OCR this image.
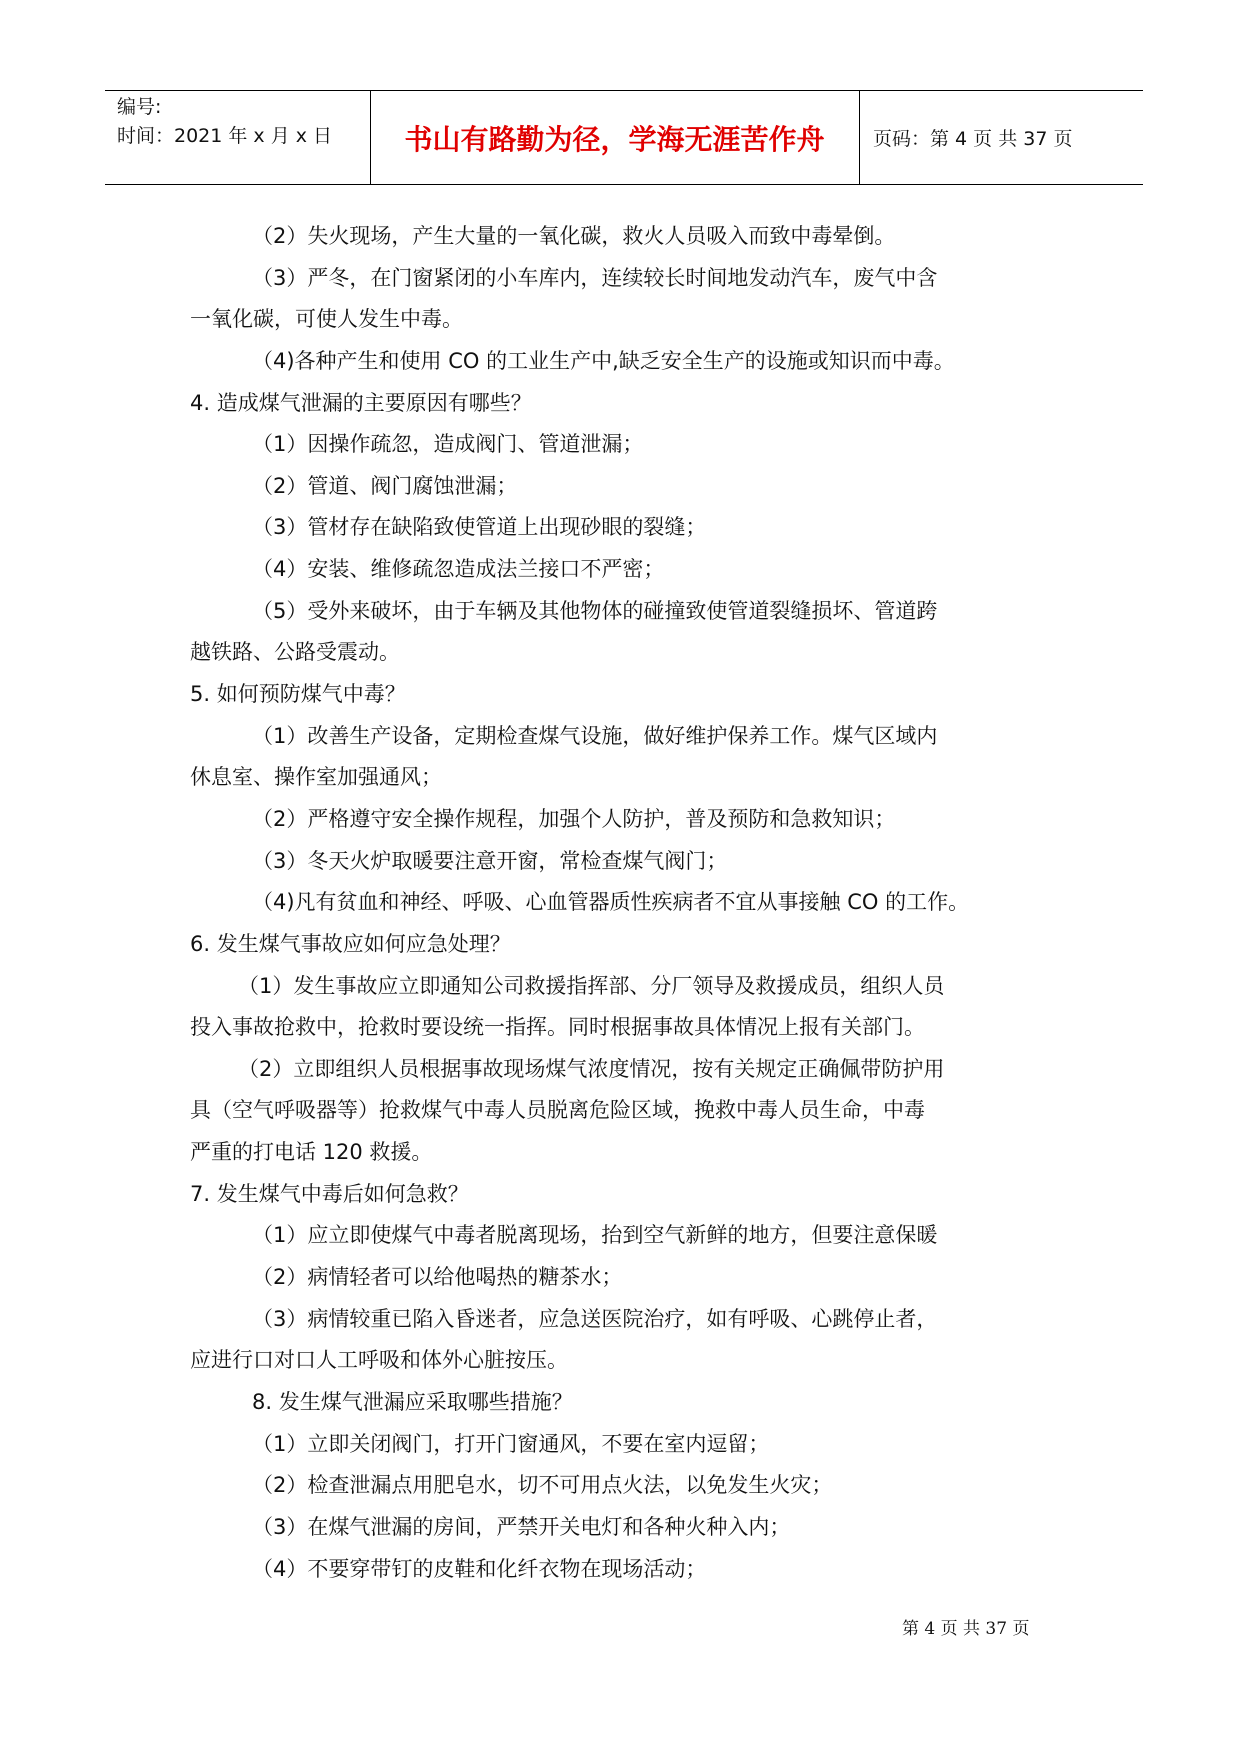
编号:
时间：2021 年 x 月 x 日	书山有路勤为径，学海无涯苦作舟	页码：第 4 页 共 37 页
（2）失火现场，产生大量的一氧化碳，救火人员吸入而致中毒晕倒。
（3）严冬，在门窗紧闭的小车库内，连续较长时间地发动汽车，废气中含
一氧化碳，可使人发生中毒。
（4)各种产生和使用 CO 的工业生产中,缺乏安全生产的设施或知识而中毒。
4. 造成煤气泄漏的主要原因有哪些？
（1）因操作疏忽，造成阀门、管道泄漏；
（2）管道、阀门腐蚀泄漏；
（3）管材存在缺陷致使管道上出现砂眼的裂缝；
（4）安装、维修疏忽造成法兰接口不严密；
（5）受外来破坏，由于车辆及其他物体的碰撞致使管道裂缝损坏、管道跨
越铁路、公路受震动。
5. 如何预防煤气中毒？
（1）改善生产设备，定期检查煤气设施，做好维护保养工作。煤气区域内
休息室、操作室加强通风；
（2）严格遵守安全操作规程，加强个人防护，普及预防和急救知识；
（3）冬天火炉取暖要注意开窗，常检查煤气阀门；
（4)凡有贫血和神经、呼吸、心血管器质性疾病者不宜从事接触 CO 的工作。
6. 发生煤气事故应如何应急处理？
（1）发生事故应立即通知公司救援指挥部、分厂领导及救援成员，组织人员
投入事故抢救中，抢救时要设统一指挥。同时根据事故具体情况上报有关部门。
（2）立即组织人员根据事故现场煤气浓度情况，按有关规定正确佩带防护用
具（空气呼吸器等）抢救煤气中毒人员脱离危险区域，挽救中毒人员生命，中毒
严重的打电话 120 救援。
7. 发生煤气中毒后如何急救？
（1）应立即使煤气中毒者脱离现场，抬到空气新鲜的地方，但要注意保暖
（2）病情轻者可以给他喝热的糖茶水；
（3）病情较重已陷入昏迷者，应急送医院治疗，如有呼吸、心跳停止者，
应进行口对口人工呼吸和体外心脏按压。
8. 发生煤气泄漏应采取哪些措施？
（1）立即关闭阀门，打开门窗通风，不要在室内逗留；
（2）检查泄漏点用肥皂水，切不可用点火法，以免发生火灾；
（3）在煤气泄漏的房间，严禁开关电灯和各种火种入内；
（4）不要穿带钉的皮鞋和化纤衣物在现场活动；
第 4 页 共 37 页
